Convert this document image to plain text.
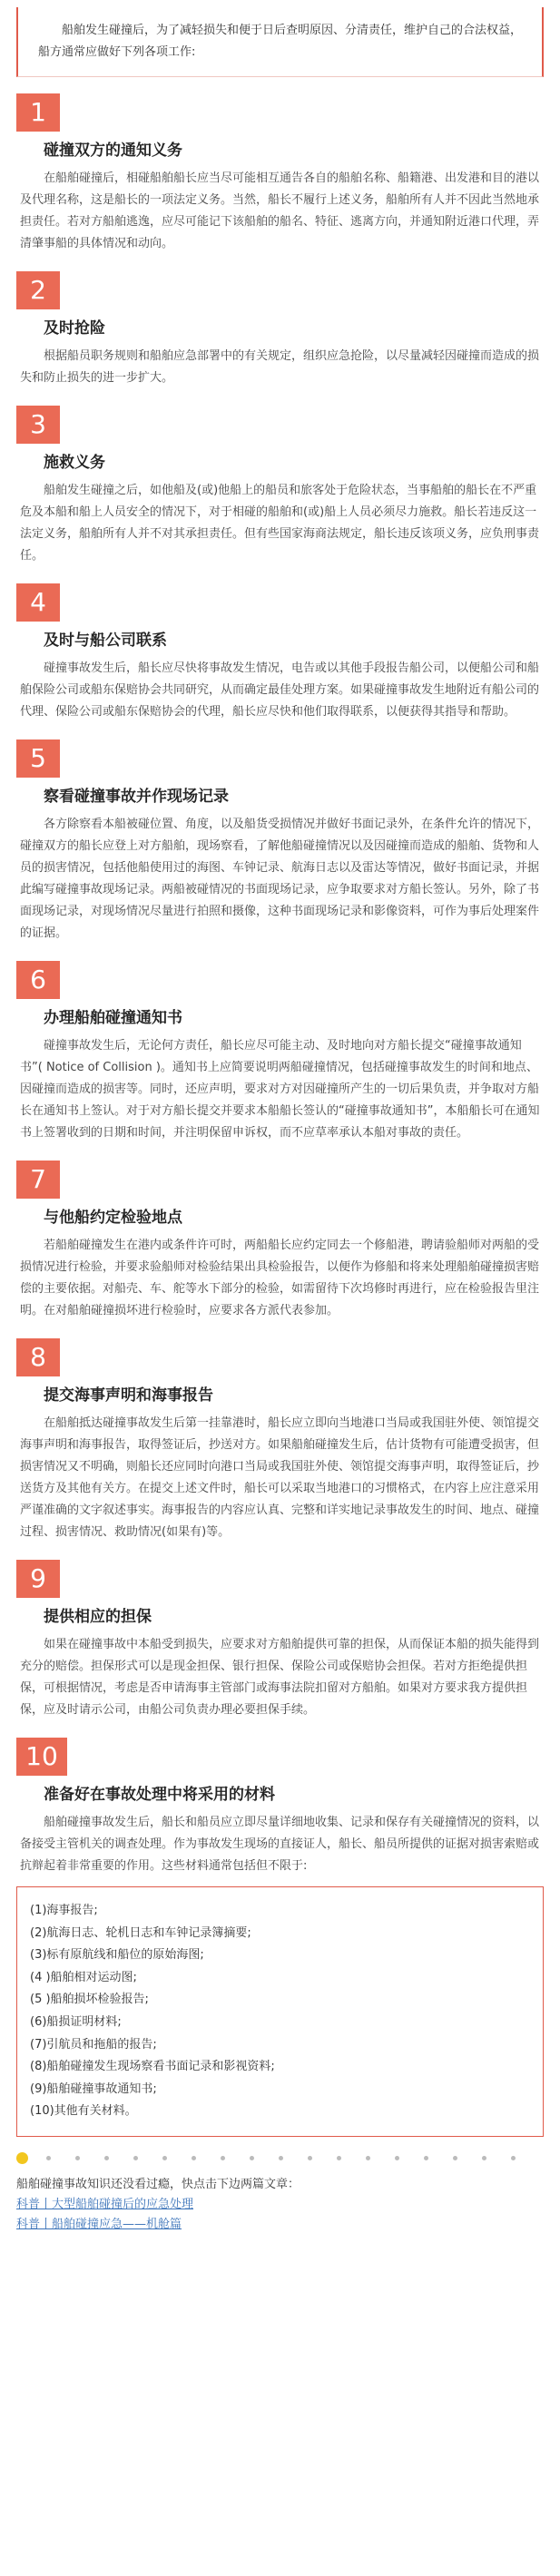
船舶发生碰撞后，为了减轻损失和便于日后查明原因、分清责任，维护自己的合法权益，船方通常应做好下列各项工作:
1
碰撞双方的通知义务
在船舶碰撞后，相碰船舶船长应当尽可能相互通告各自的船舶名称、船籍港、出发港和目的港以及代理名称，这是船长的一项法定义务。当然，船长不履行上述义务，船舶所有人并不因此当然地承担责任。若对方船舶逃逸，应尽可能记下该船舶的船名、特征、逃离方向，并通知附近港口代理，弄清肇事船的具体情况和动向。
2
及时抢险
根据船员职务规则和船舶应急部署中的有关规定，组织应急抢险，以尽量减轻因碰撞而造成的损失和防止损失的进一步扩大。
3
施救义务
船舶发生碰撞之后，如他船及(或)他船上的船员和旅客处于危险状态，当事船舶的船长在不严重危及本船和船上人员安全的情况下，对于相碰的船舶和(或)船上人员必须尽力施救。船长若违反这一法定义务，船舶所有人并不对其承担责任。但有些国家海商法规定，船长违反该项义务，应负刑事责任。
4
及时与船公司联系
碰撞事故发生后，船长应尽快将事故发生情况，电告或以其他手段报告船公司，以便船公司和船舶保险公司或船东保赔协会共同研究，从而确定最佳处理方案。如果碰撞事故发生地附近有船公司的代理、保险公司或船东保赔协会的代理，船长应尽快和他们取得联系，以便获得其指导和帮助。
5
察看碰撞事故并作现场记录
各方除察看本船被碰位置、角度，以及船货受损情况并做好书面记录外，在条件允许的情况下，碰撞双方的船长应登上对方船舶，现场察看，了解他船碰撞情况以及因碰撞而造成的船舶、货物和人员的损害情况，包括他船使用过的海图、车钟记录、航海日志以及雷达等情况，做好书面记录，并据此编写碰撞事故现场记录。两船被碰情况的书面现场记录，应争取要求对方船长签认。另外，除了书面现场记录，对现场情况尽量进行拍照和摄像，这种书面现场记录和影像资料，可作为事后处理案件的证据。
6
办理船舶碰撞通知书
碰撞事故发生后，无论何方责任，船长应尽可能主动、及时地向对方船长提交“碰撞事故通知书”( Notice of Collision )。通知书上应简要说明两船碰撞情况，包括碰撞事故发生的时间和地点、因碰撞而造成的损害等。同时，还应声明，要求对方对因碰撞所产生的一切后果负责，并争取对方船长在通知书上签认。对于对方船长提交并要求本船船长签认的“碰撞事故通知书”，本船船长可在通知书上签署收到的日期和时间，并注明保留申诉权，而不应草率承认本船对事故的责任。
7
与他船约定检验地点
若船舶碰撞发生在港内或条件许可时，两船船长应约定同去一个修船港，聘请验船师对两船的受损情况进行检验，并要求验船师对检验结果出具检验报告，以便作为修船和将来处理船舶碰撞损害赔偿的主要依据。对船壳、车、舵等水下部分的检验，如需留待下次坞修时再进行，应在检验报告里注明。在对船舶碰撞损坏进行检验时，应要求各方派代表参加。
8
提交海事声明和海事报告
在船舶抵达碰撞事故发生后第一挂靠港时，船长应立即向当地港口当局或我国驻外使、领馆提交海事声明和海事报告，取得签证后，抄送对方。如果船舶碰撞发生后，估计货物有可能遭受损害，但损害情况又不明确，则船长还应同时向港口当局或我国驻外使、领馆提交海事声明，取得签证后，抄送货方及其他有关方。在提交上述文件时，船长可以采取当地港口的习惯格式，在内容上应注意采用严谨准确的文字叙述事实。海事报告的内容应认真、完整和详实地记录事故发生的时间、地点、碰撞过程、损害情况、救助情况(如果有)等。
9
提供相应的担保
如果在碰撞事故中本船受到损失，应要求对方船舶提供可靠的担保，从而保证本船的损失能得到充分的赔偿。担保形式可以是现金担保、银行担保、保险公司或保赔协会担保。若对方拒绝提供担保，可根据情况，考虑是否申请海事主管部门或海事法院扣留对方船舶。如果对方要求我方提供担保，应及时请示公司，由船公司负责办理必要担保手续。
10
准备好在事故处理中将采用的材料
船舶碰撞事故发生后，船长和船员应立即尽量详细地收集、记录和保存有关碰撞情况的资料，以备接受主管机关的调查处理。作为事故发生现场的直接证人，船长、船员所提供的证据对损害索赔或抗辩起着非常重要的作用。这些材料通常包括但不限于:
(1)海事报告;
(2)航海日志、轮机日志和车钟记录簿摘要;
(3)标有原航线和船位的原始海图;
(4 )船舶相对运动图;
(5 )船舶损坏检验报告;
(6)船损证明材料;
(7)引航员和拖船的报告;
(8)船舶碰撞发生现场察看书面记录和影视资料;
(9)船舶碰撞事故通知书;
(10)其他有关材料。
船舶碰撞事故知识还没看过瘾，快点击下边两篇文章：
科普丨大型船舶碰撞后的应急处理
科普丨船舶碰撞应急——机舱篇
